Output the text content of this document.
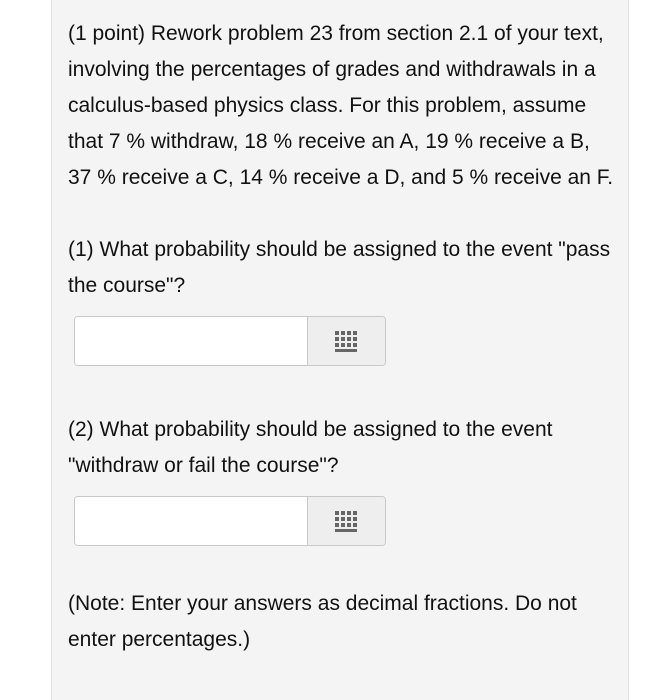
(1 point) Rework problem 23 from section 2.1 of your text, involving the percentages of grades and withdrawals in a calculus-based physics class. For this problem, assume that 7 % withdraw, 18 % receive an A, 19 % receive a B, 37 % receive a C, 14 % receive a D, and 5 % receive an F.

(1) What probability should be assigned to the event "pass the course"?

(2) What probability should be assigned to the event "withdraw or fail the course"?

(Note: Enter your answers as decimal fractions. Do not enter percentages.)
